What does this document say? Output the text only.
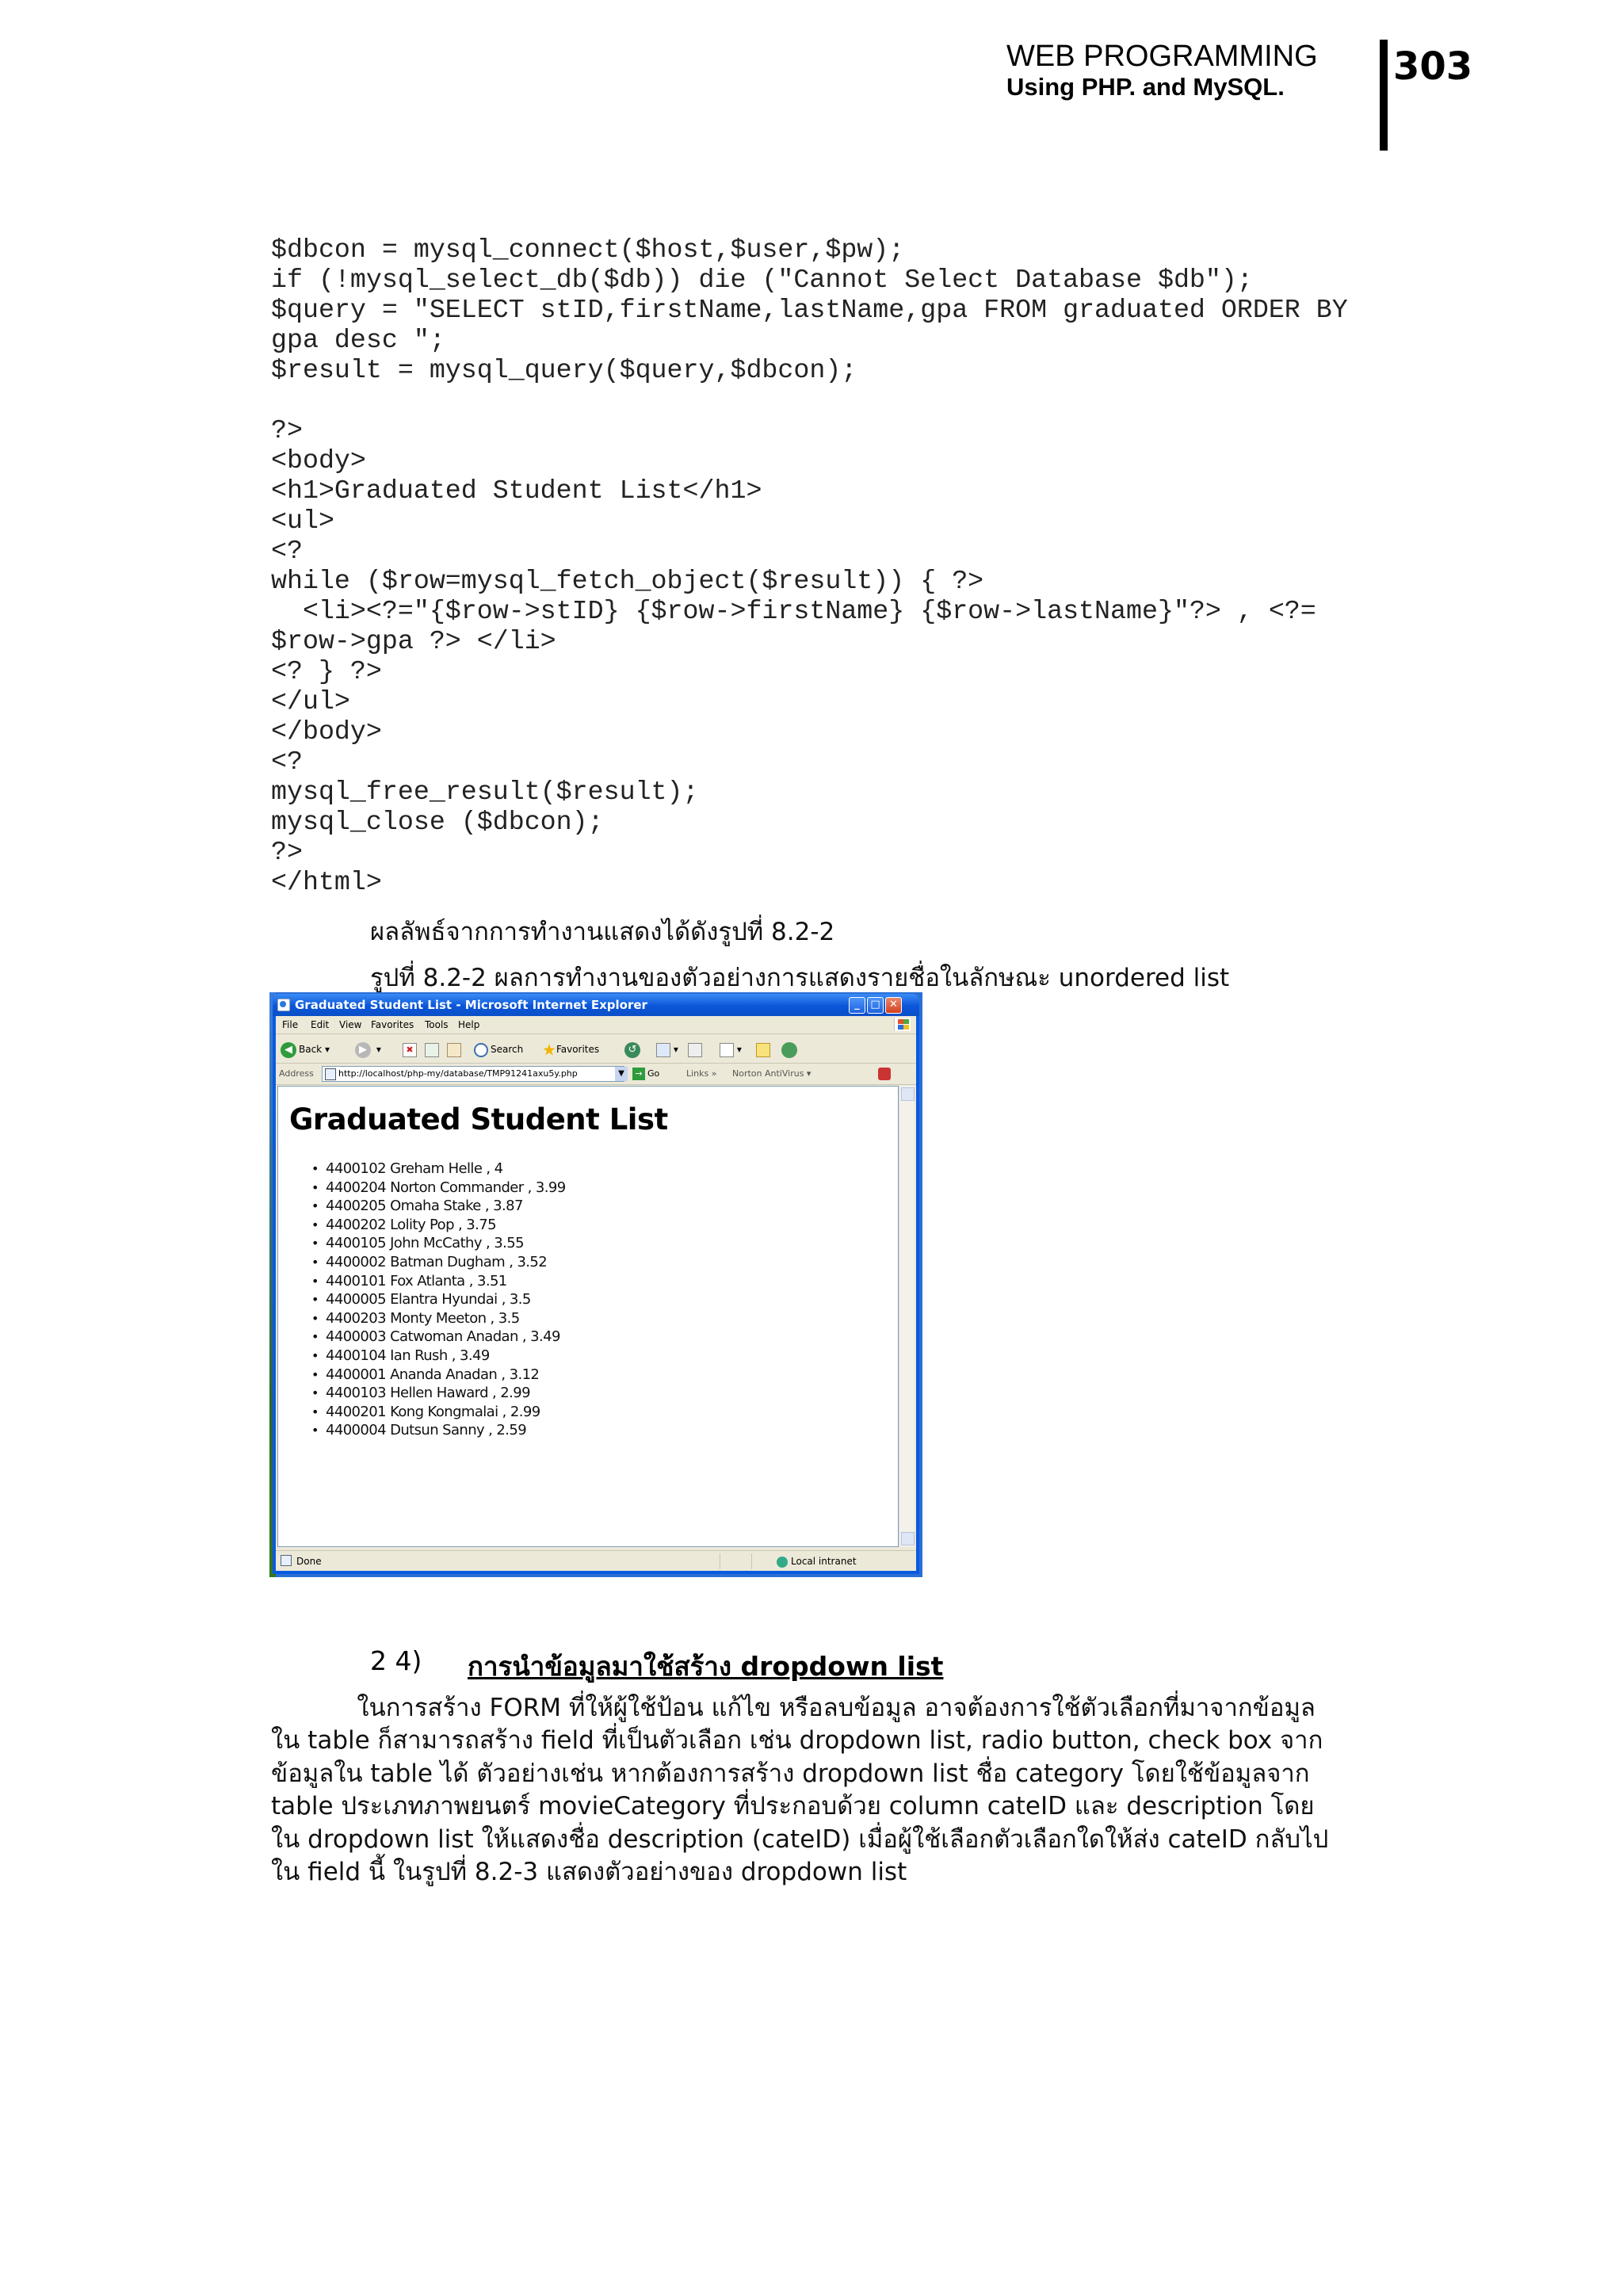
WEB PROGRAMMING
Using PHP. and MySQL.	303
$dbcon = mysql_connect($host,$user,$pw);
if (!mysql_select_db($db)) die ("Cannot Select Database $db");
$query = "SELECT stID,firstName,lastName,gpa FROM graduated ORDER BY
gpa desc ";
$result = mysql_query($query,$dbcon);

?>
<body>
<h1>Graduated Student List</h1>
<ul>
<?
while ($row=mysql_fetch_object($result)) { ?>
<li><?="{$row->stID} {$row->firstName} {$row->lastName}"?> , <?=
$row->gpa ?> </li>
<? } ?>
</ul>
</body>
<?
mysql_free_result($result);
mysql_close ($dbcon);
?>
</html>
ผลลัพธ์จากการทำงานแสดงได้ดังรูปที่ 8.2-2
รูปที่ 8.2-2 ผลการทำงานของตัวอย่างการแสดงรายชื่อในลักษณะ unordered list
Graduated Student List - Microsoft Internet Explorer	_	□ ✕
File Edit View Favorites Tools Help
◀ Back ▾	▶ ▾	✖	Search ★Favorites	↺	▾	▾
Address	http://localhost/php-my/database/TMP91241axu5y.php	▼	→ Go	Links » Norton AntiVirus ▾
Graduated Student List
• 4400102 Greham Helle , 4
• 4400204 Norton Commander , 3.99
• 4400205 Omaha Stake , 3.87
• 4400202 Lolity Pop , 3.75
• 4400105 John McCathy , 3.55
• 4400002 Batman Dugham , 3.52
• 4400101 Fox Atlanta , 3.51
• 4400005 Elantra Hyundai , 3.5
• 4400203 Monty Meeton , 3.5
• 4400003 Catwoman Anadan , 3.49
• 4400104 Ian Rush , 3.49
• 4400001 Ananda Anadan , 3.12
• 4400103 Hellen Haward , 2.99
• 4400201 Kong Kongmalai , 2.99
• 4400004 Dutsun Sanny , 2.59
Done	Local intranet
2 4) การนำข้อมูลมาใช้สร้าง dropdown list
ในการสร้าง FORM ที่ให้ผู้ใช้ป้อน แก้ไข หรือลบข้อมูล อาจต้องการใช้ตัวเลือกที่มาจากข้อมูล
ใน table ก็สามารถสร้าง field ที่เป็นตัวเลือก เช่น dropdown list, radio button, check box จาก
ข้อมูลใน table ได้ ตัวอย่างเช่น หากต้องการสร้าง dropdown list ชื่อ category โดยใช้ข้อมูลจาก
table ประเภทภาพยนตร์ movieCategory ที่ประกอบด้วย column cateID และ description โดย
ใน dropdown list ให้แสดงชื่อ description (cateID) เมื่อผู้ใช้เลือกตัวเลือกใดให้ส่ง cateID กลับไป
ใน field นี้ ในรูปที่ 8.2-3 แสดงตัวอย่างของ dropdown list
